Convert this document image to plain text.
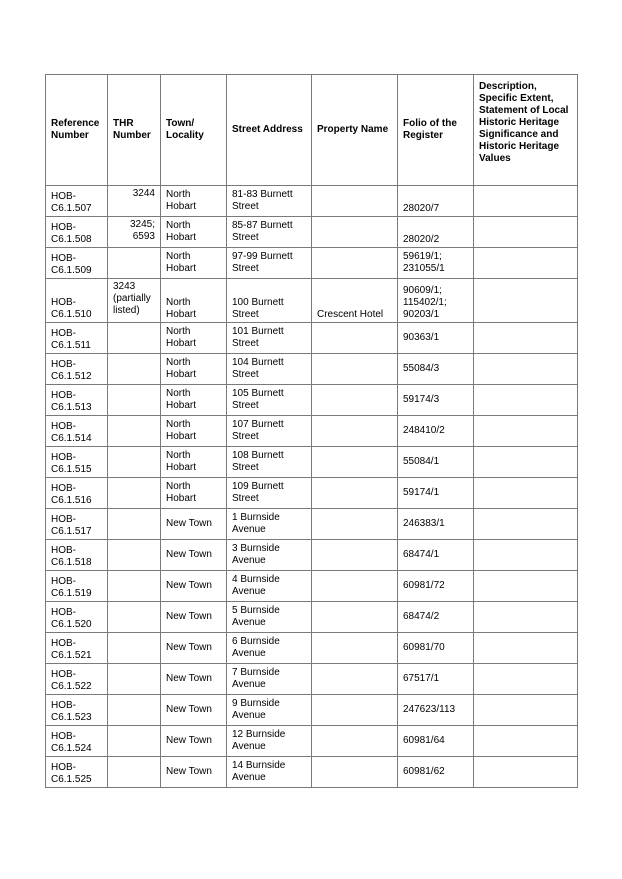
Reference Number	THR Number	Town/ Locality	Street Address	Property Name	Folio of the Register	Description, Specific Extent, Statement of Local Historic Heritage Significance and Historic Heritage Values
HOB-C6.1.507	3244	North Hobart	81-83 Burnett Street		28020/7	
HOB-C6.1.508	3245; 6593	North Hobart	85-87 Burnett Street		28020/2	
HOB-C6.1.509		North Hobart	97-99 Burnett Street		59619/1; 231055/1	
HOB-C6.1.510	3243 (partially listed)	North Hobart	100 Burnett Street	Crescent Hotel	90609/1; 115402/1; 90203/1	
HOB-C6.1.511		North Hobart	101 Burnett Street		90363/1	
HOB-C6.1.512		North Hobart	104 Burnett Street		55084/3	
HOB-C6.1.513		North Hobart	105 Burnett Street		59174/3	
HOB-C6.1.514		North Hobart	107 Burnett Street		248410/2	
HOB-C6.1.515		North Hobart	108 Burnett Street		55084/1	
HOB-C6.1.516		North Hobart	109 Burnett Street		59174/1	
HOB-C6.1.517		New Town	1 Burnside Avenue		246383/1	
HOB-C6.1.518		New Town	3 Burnside Avenue		68474/1	
HOB-C6.1.519		New Town	4 Burnside Avenue		60981/72	
HOB-C6.1.520		New Town	5 Burnside Avenue		68474/2	
HOB-C6.1.521		New Town	6 Burnside Avenue		60981/70	
HOB-C6.1.522		New Town	7 Burnside Avenue		67517/1	
HOB-C6.1.523		New Town	9 Burnside Avenue		247623/113	
HOB-C6.1.524		New Town	12 Burnside Avenue		60981/64	
HOB-C6.1.525		New Town	14 Burnside Avenue		60981/62	
